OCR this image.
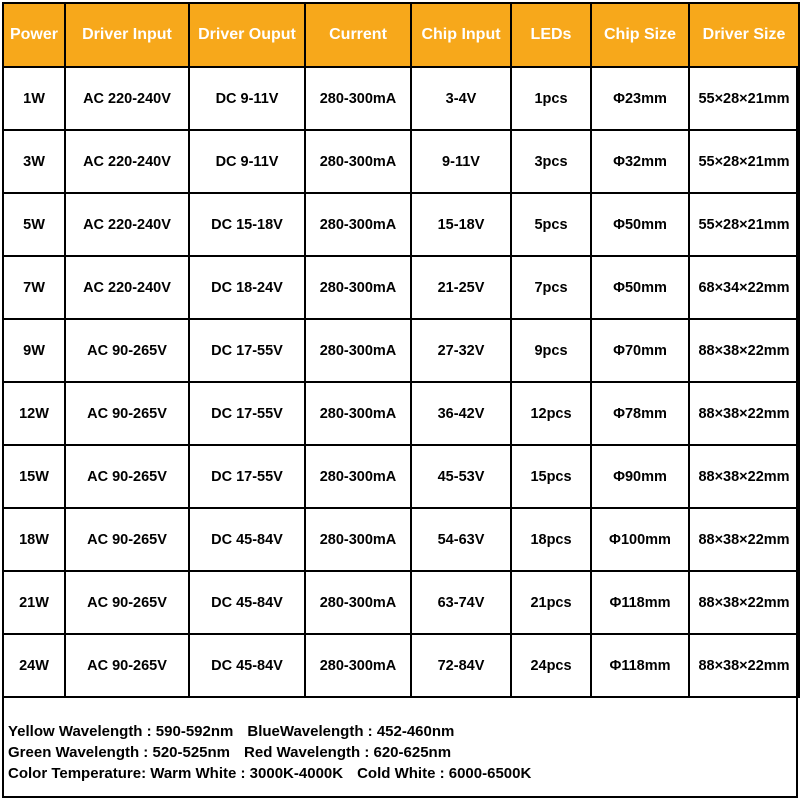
Power	Driver Input	Driver Ouput	Current	Chip Input	LEDs	Chip Size	Driver Size
1W	AC 220-240V	DC 9-11V	280-300mA	3-4V	1pcs	Φ23mm	55×28×21mm
3W	AC 220-240V	DC 9-11V	280-300mA	9-11V	3pcs	Φ32mm	55×28×21mm
5W	AC 220-240V	DC 15-18V	280-300mA	15-18V	5pcs	Φ50mm	55×28×21mm
7W	AC 220-240V	DC 18-24V	280-300mA	21-25V	7pcs	Φ50mm	68×34×22mm
9W	AC 90-265V	DC 17-55V	280-300mA	27-32V	9pcs	Φ70mm	88×38×22mm
12W	AC 90-265V	DC 17-55V	280-300mA	36-42V	12pcs	Φ78mm	88×38×22mm
15W	AC 90-265V	DC 17-55V	280-300mA	45-53V	15pcs	Φ90mm	88×38×22mm
18W	AC 90-265V	DC 45-84V	280-300mA	54-63V	18pcs	Φ100mm	88×38×22mm
21W	AC 90-265V	DC 45-84V	280-300mA	63-74V	21pcs	Φ118mm	88×38×22mm
24W	AC 90-265V	DC 45-84V	280-300mA	72-84V	24pcs	Φ118mm	88×38×22mm
Yellow Wavelength : 590-592nm BlueWavelength : 452-460nm
Green Wavelength : 520-525nm Red Wavelength : 620-625nm
Color Temperature: Warm White : 3000K-4000K Cold White : 6000-6500K
